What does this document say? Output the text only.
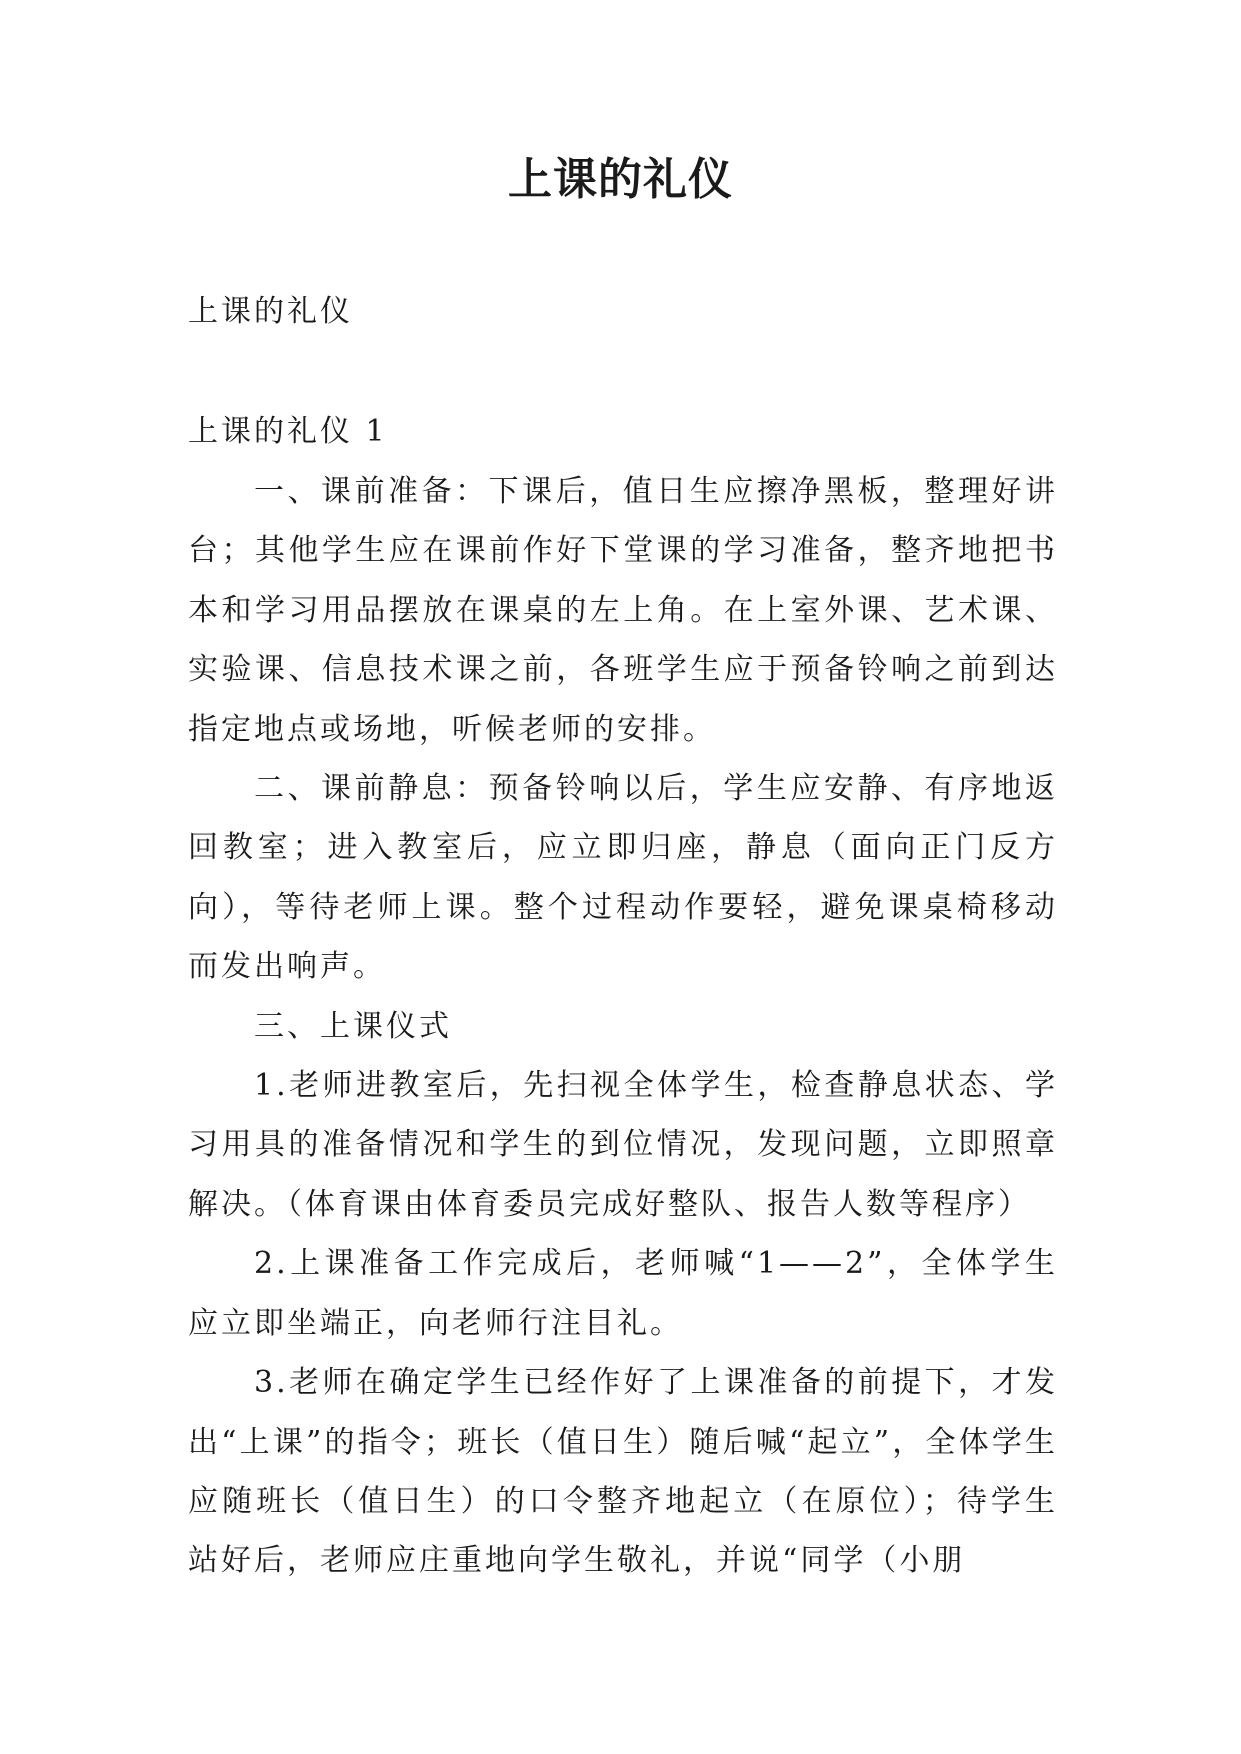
上课的礼仪
上课的礼仪
上课的礼仪 1

一、课前准备：下课后，值日生应擦净黑板，整理好讲台；其他学生应在课前作好下堂课的学习准备，整齐地把书本和学习用品摆放在课桌的左上角。在上室外课、艺术课、实验课、信息技术课之前，各班学生应于预备铃响之前到达指定地点或场地，听候老师的安排。

二、课前静息：预备铃响以后，学生应安静、有序地返回教室；进入教室后，应立即归座，静息（面向正门反方向），等待老师上课。整个过程动作要轻，避免课桌椅移动而发出响声。

三、上课仪式

1.老师进教室后，先扫视全体学生，检查静息状态、学习用具的准备情况和学生的到位情况，发现问题，立即照章解决。（体育课由体育委员完成好整队、报告人数等程序）

2.上课准备工作完成后，老师喊“1——2”，全体学生应立即坐端正，向老师行注目礼。

3.老师在确定学生已经作好了上课准备的前提下，才发出“上课”的指令；班长（值日生）随后喊“起立”，全体学生应随班长（值日生）的口令整齐地起立（在原位）；待学生站好后，老师应庄重地向学生敬礼，并说“同学（小朋
